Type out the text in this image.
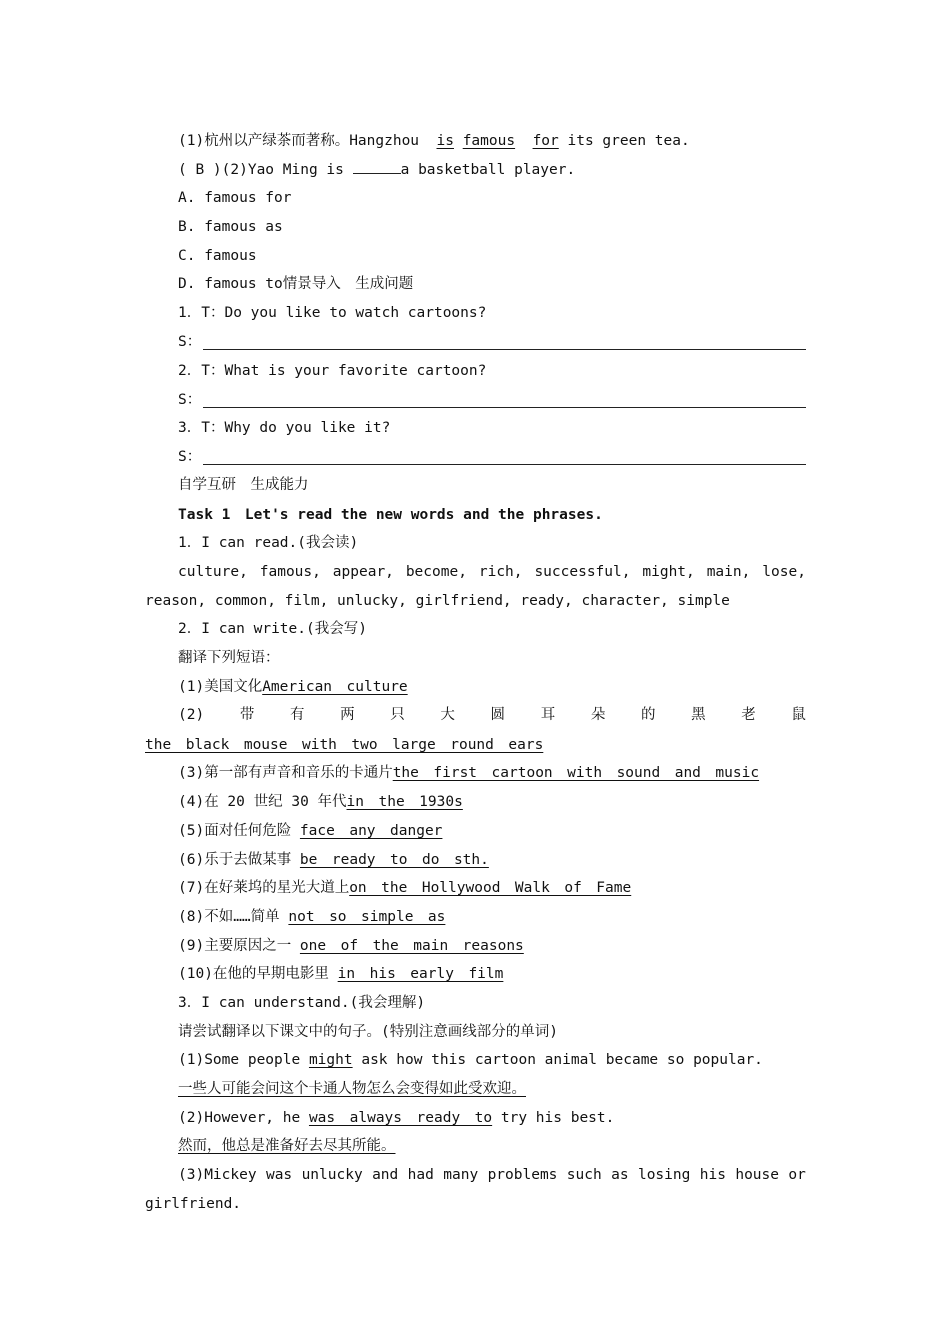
(1)杭州以产绿茶而著称。Hangzhou is famous for its green tea.
( B )(2)Yao Ming is	a basketball player.
A. famous for
B. famous as
C. famous
D. famous to情景导入　生成问题
1．T：Do you like to watch cartoons?
S：
2．T：What is your favorite cartoon?
S：
3．T：Why do you like it?
S：
自学互研　生成能力
Task 1　Let's read the new words and the phrases.
1．I can read.(我会读)
culture, famous, appear, become, rich, successful, might, main, lose,
reason, common, film, unlucky, girlfriend, ready, character, simple
2．I can write.(我会写)
翻译下列短语：
(1)美国文化American　culture
(2) 带 有 两 只 大 圆 耳 朵 的 黑 老 鼠
the　black　mouse　with　two　large　round　ears
(3)第一部有声音和音乐的卡通片the　first　cartoon　with　sound　and　music
(4)在 20 世纪 30 年代in　the　1930s
(5)面对任何危险 face　any　danger
(6)乐于去做某事 be　ready　to　do　sth.
(7)在好莱坞的星光大道上on　the　Hollywood　Walk　of　Fame
(8)不如……简单 not　so　simple　as
(9)主要原因之一 one　of　the　main　reasons
(10)在他的早期电影里 in　his　early　film
3．I can understand.(我会理解)
请尝试翻译以下课文中的句子。(特别注意画线部分的单词)
(1)Some people might ask how this cartoon animal became so popular.
一些人可能会问这个卡通人物怎么会变得如此受欢迎。
(2)However, he was　always　ready　to try his best.
然而，他总是准备好去尽其所能。
(3)Mickey was unlucky and had many problems such as losing his house or
girlfriend.
